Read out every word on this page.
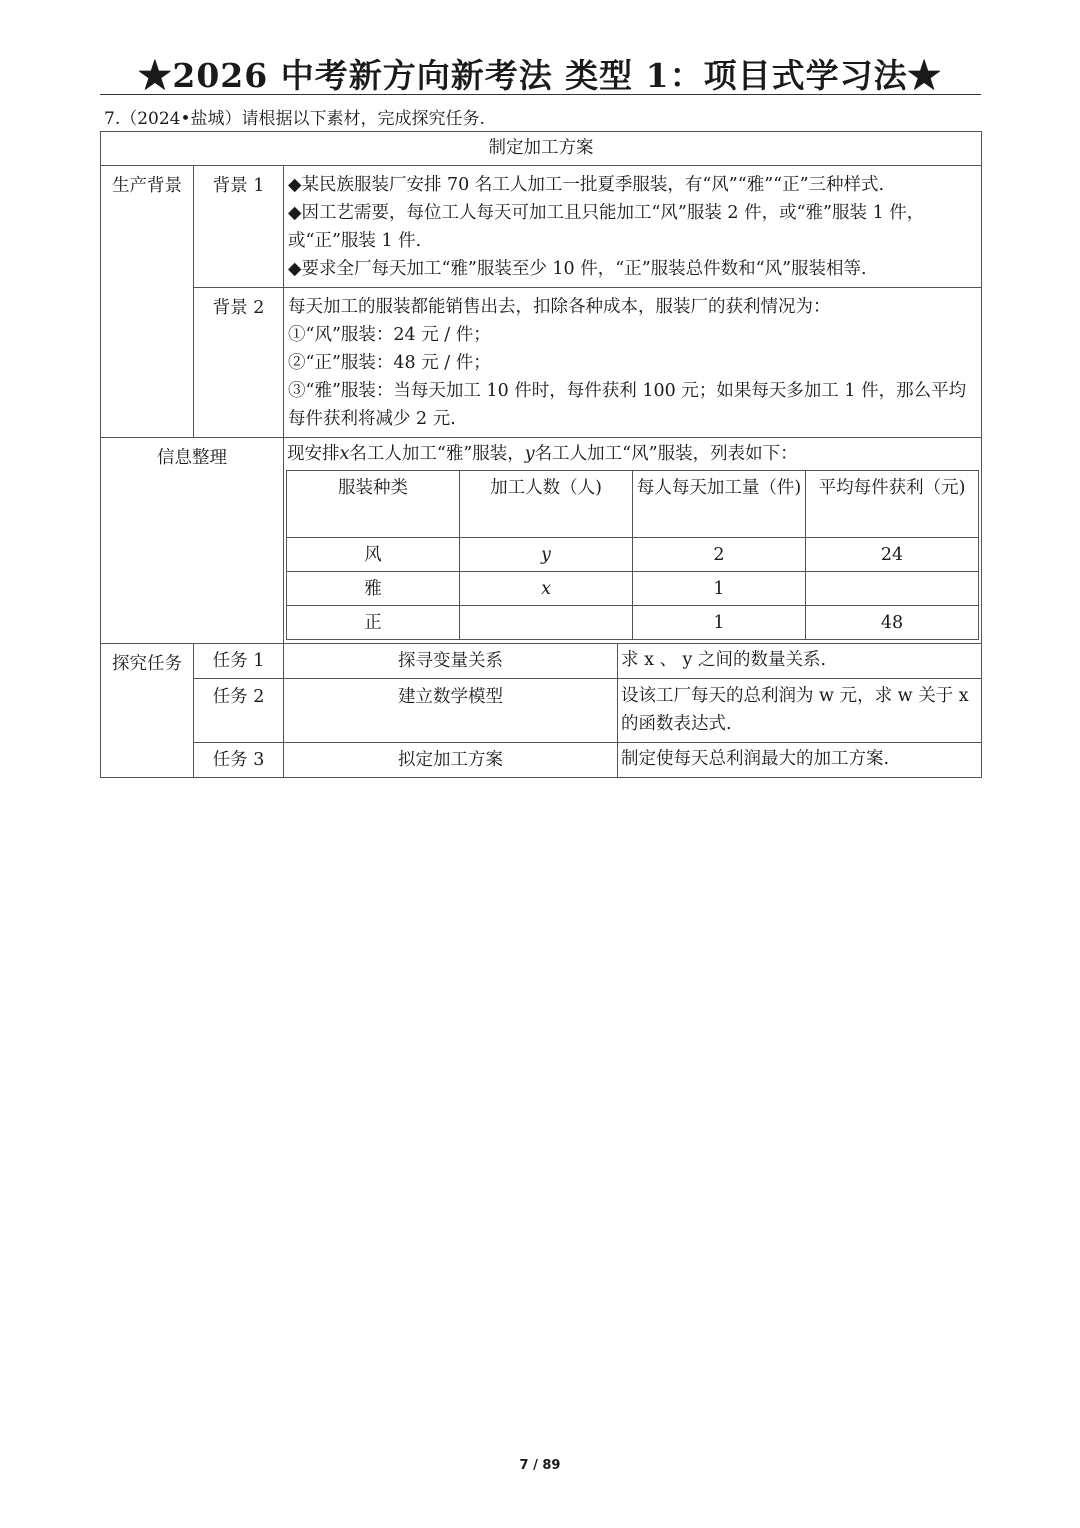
★2026 中考新方向新考法 类型 1：项目式学习法★
7.（2024•盐城）请根据以下素材，完成探究任务.
制定加工方案

生产背景	背景 1	◆某民族服装厂安排 70 名工人加工一批夏季服装，有“风”“雅”“正”三种样式.
◆因工艺需要，每位工人每天可加工且只能加工“风”服装 2 件，或“雅”服装 1 件，或“正”服装 1 件.
◆要求全厂每天加工“雅”服装至少 10 件，“正”服装总件数和“风”服装相等.

背景 2	每天加工的服装都能销售出去，扣除各种成本，服装厂的获利情况为：
①“风”服装：24 元 / 件；
②“正”服装：48 元 / 件；
③“雅”服装：当每天加工 10 件时，每件获利 100 元；如果每天多加工 1 件，那么平均每件获利将减少 2 元.

信息整理	现安排x名工人加工“雅”服装，y名工人加工“风”服装，列表如下：
服装种类	加工人数（人)	每人每天加工量（件)	平均每件获利（元)
风	y	2	24
雅	x	1	
正		1	48

探究任务	任务 1	探寻变量关系	求 x 、 y 之间的数量关系.

任务 2	建立数学模型	设该工厂每天的总利润为 w 元，求 w 关于 x 的函数表达式.

任务 3	拟定加工方案	制定使每天总利润最大的加工方案.
7 / 89
